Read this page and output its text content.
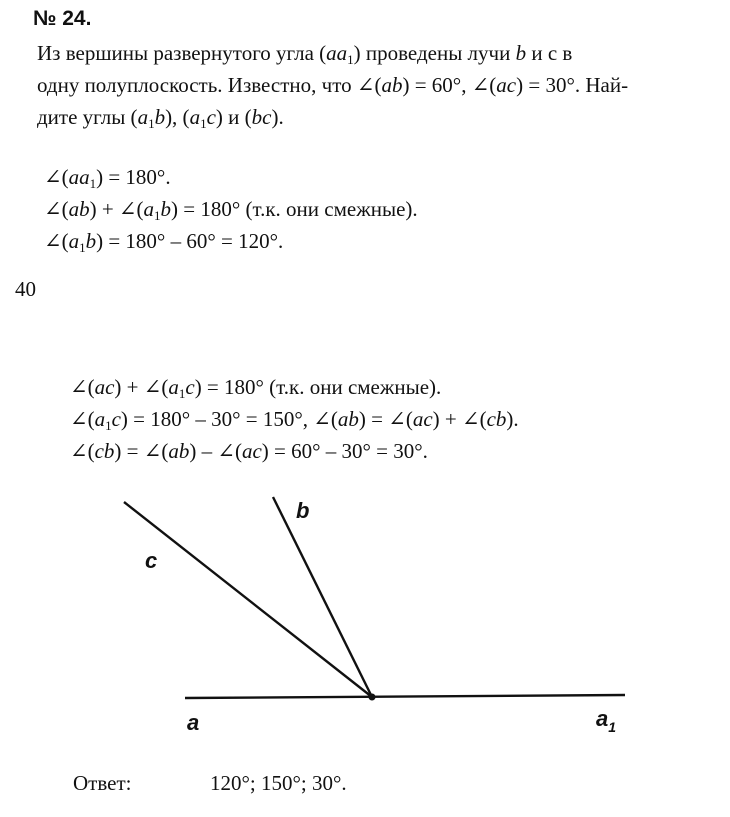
№ 24.
Из вершины развернутого угла $(aa_1)$ проведены лучи b и с в
одну полуплоскость. Известно, что ∠(ab) = 60°, ∠(ac) = 30°. Най-
дите углы $(a_1b)$, $(a_1c)$ и (bc).
$\angle(aa_1) = 180^\circ$.
∠(ab) + $\angle(a_1b) = 180^\circ$ (т.к. они смежные).
$\angle(a_1b) = 180^\circ - 60^\circ = 120^\circ$.
40
∠(ac) + $\angle(a_1c) = 180^\circ$ (т.к. они смежные).
$\angle(a_1c) = 180^\circ - 30^\circ = 150^\circ$, ∠(ab) = ∠(ac) + ∠(cb).
∠(cb) = ∠(ab) – ∠(ac) = 60° – 30° = 30°.
c
b
a	$a_1$
Ответ:	120°; 150°; 30°.
